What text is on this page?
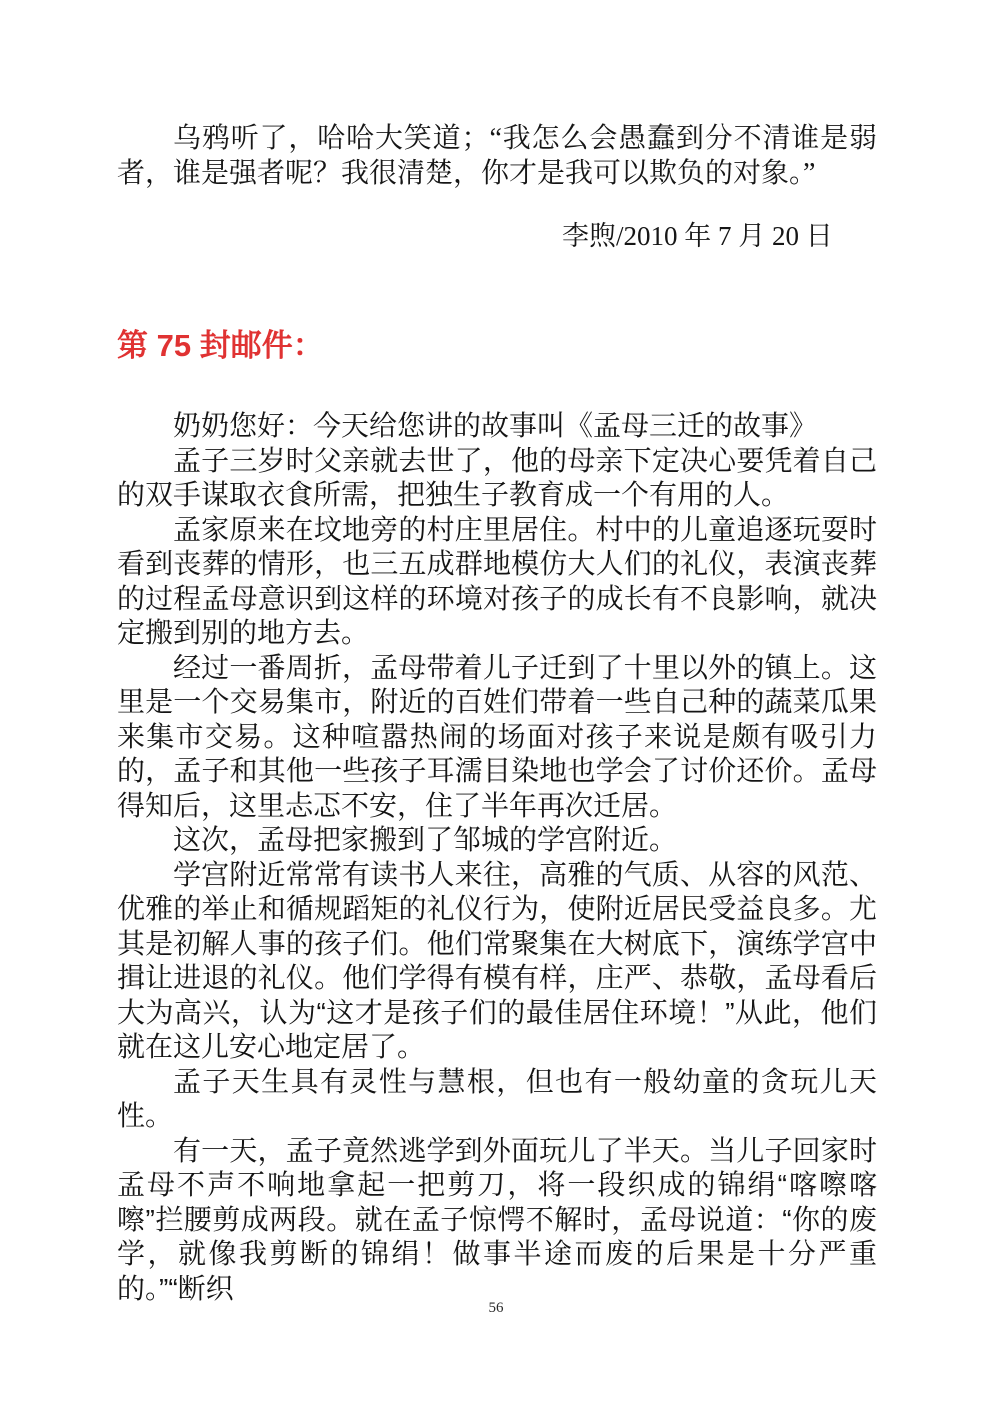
乌鸦听了，哈哈大笑道；“我怎么会愚蠢到分不清谁是弱者，谁是强者呢？我很清楚，你才是我可以欺负的对象。”

李煦/2010 年 7 月 20 日

第 75 封邮件：

奶奶您好：今天给您讲的故事叫《孟母三迁的故事》

孟子三岁时父亲就去世了，他的母亲下定决心要凭着自己的双手谋取衣食所需，把独生子教育成一个有用的人。

孟家原来在坟地旁的村庄里居住。村中的儿童追逐玩耍时看到丧葬的情形，也三五成群地模仿大人们的礼仪，表演丧葬的过程孟母意识到这样的环境对孩子的成长有不良影响，就决定搬到别的地方去。

经过一番周折，孟母带着儿子迁到了十里以外的镇上。这里是一个交易集市，附近的百姓们带着一些自己种的蔬菜瓜果来集市交易。这种喧嚣热闹的场面对孩子来说是颇有吸引力的，孟子和其他一些孩子耳濡目染地也学会了讨价还价。孟母得知后，这里忐忑不安，住了半年再次迁居。

这次，孟母把家搬到了邹城的学宫附近。

学宫附近常常有读书人来往，高雅的气质、从容的风范、优雅的举止和循规蹈矩的礼仪行为，使附近居民受益良多。尤其是初解人事的孩子们。他们常聚集在大树底下，演练学宫中揖让进退的礼仪。他们学得有模有样，庄严、恭敬，孟母看后大为高兴，认为“这才是孩子们的最佳居住环境！”从此，他们就在这儿安心地定居了。

孟子天生具有灵性与慧根，但也有一般幼童的贪玩儿天性。

有一天，孟子竟然逃学到外面玩儿了半天。当儿子回家时孟母不声不响地拿起一把剪刀，将一段织成的锦绢“喀嚓喀嚓”拦腰剪成两段。就在孟子惊愕不解时，孟母说道：“你的废学，就像我剪断的锦绢！做事半途而废的后果是十分严重的。”“断织

56
